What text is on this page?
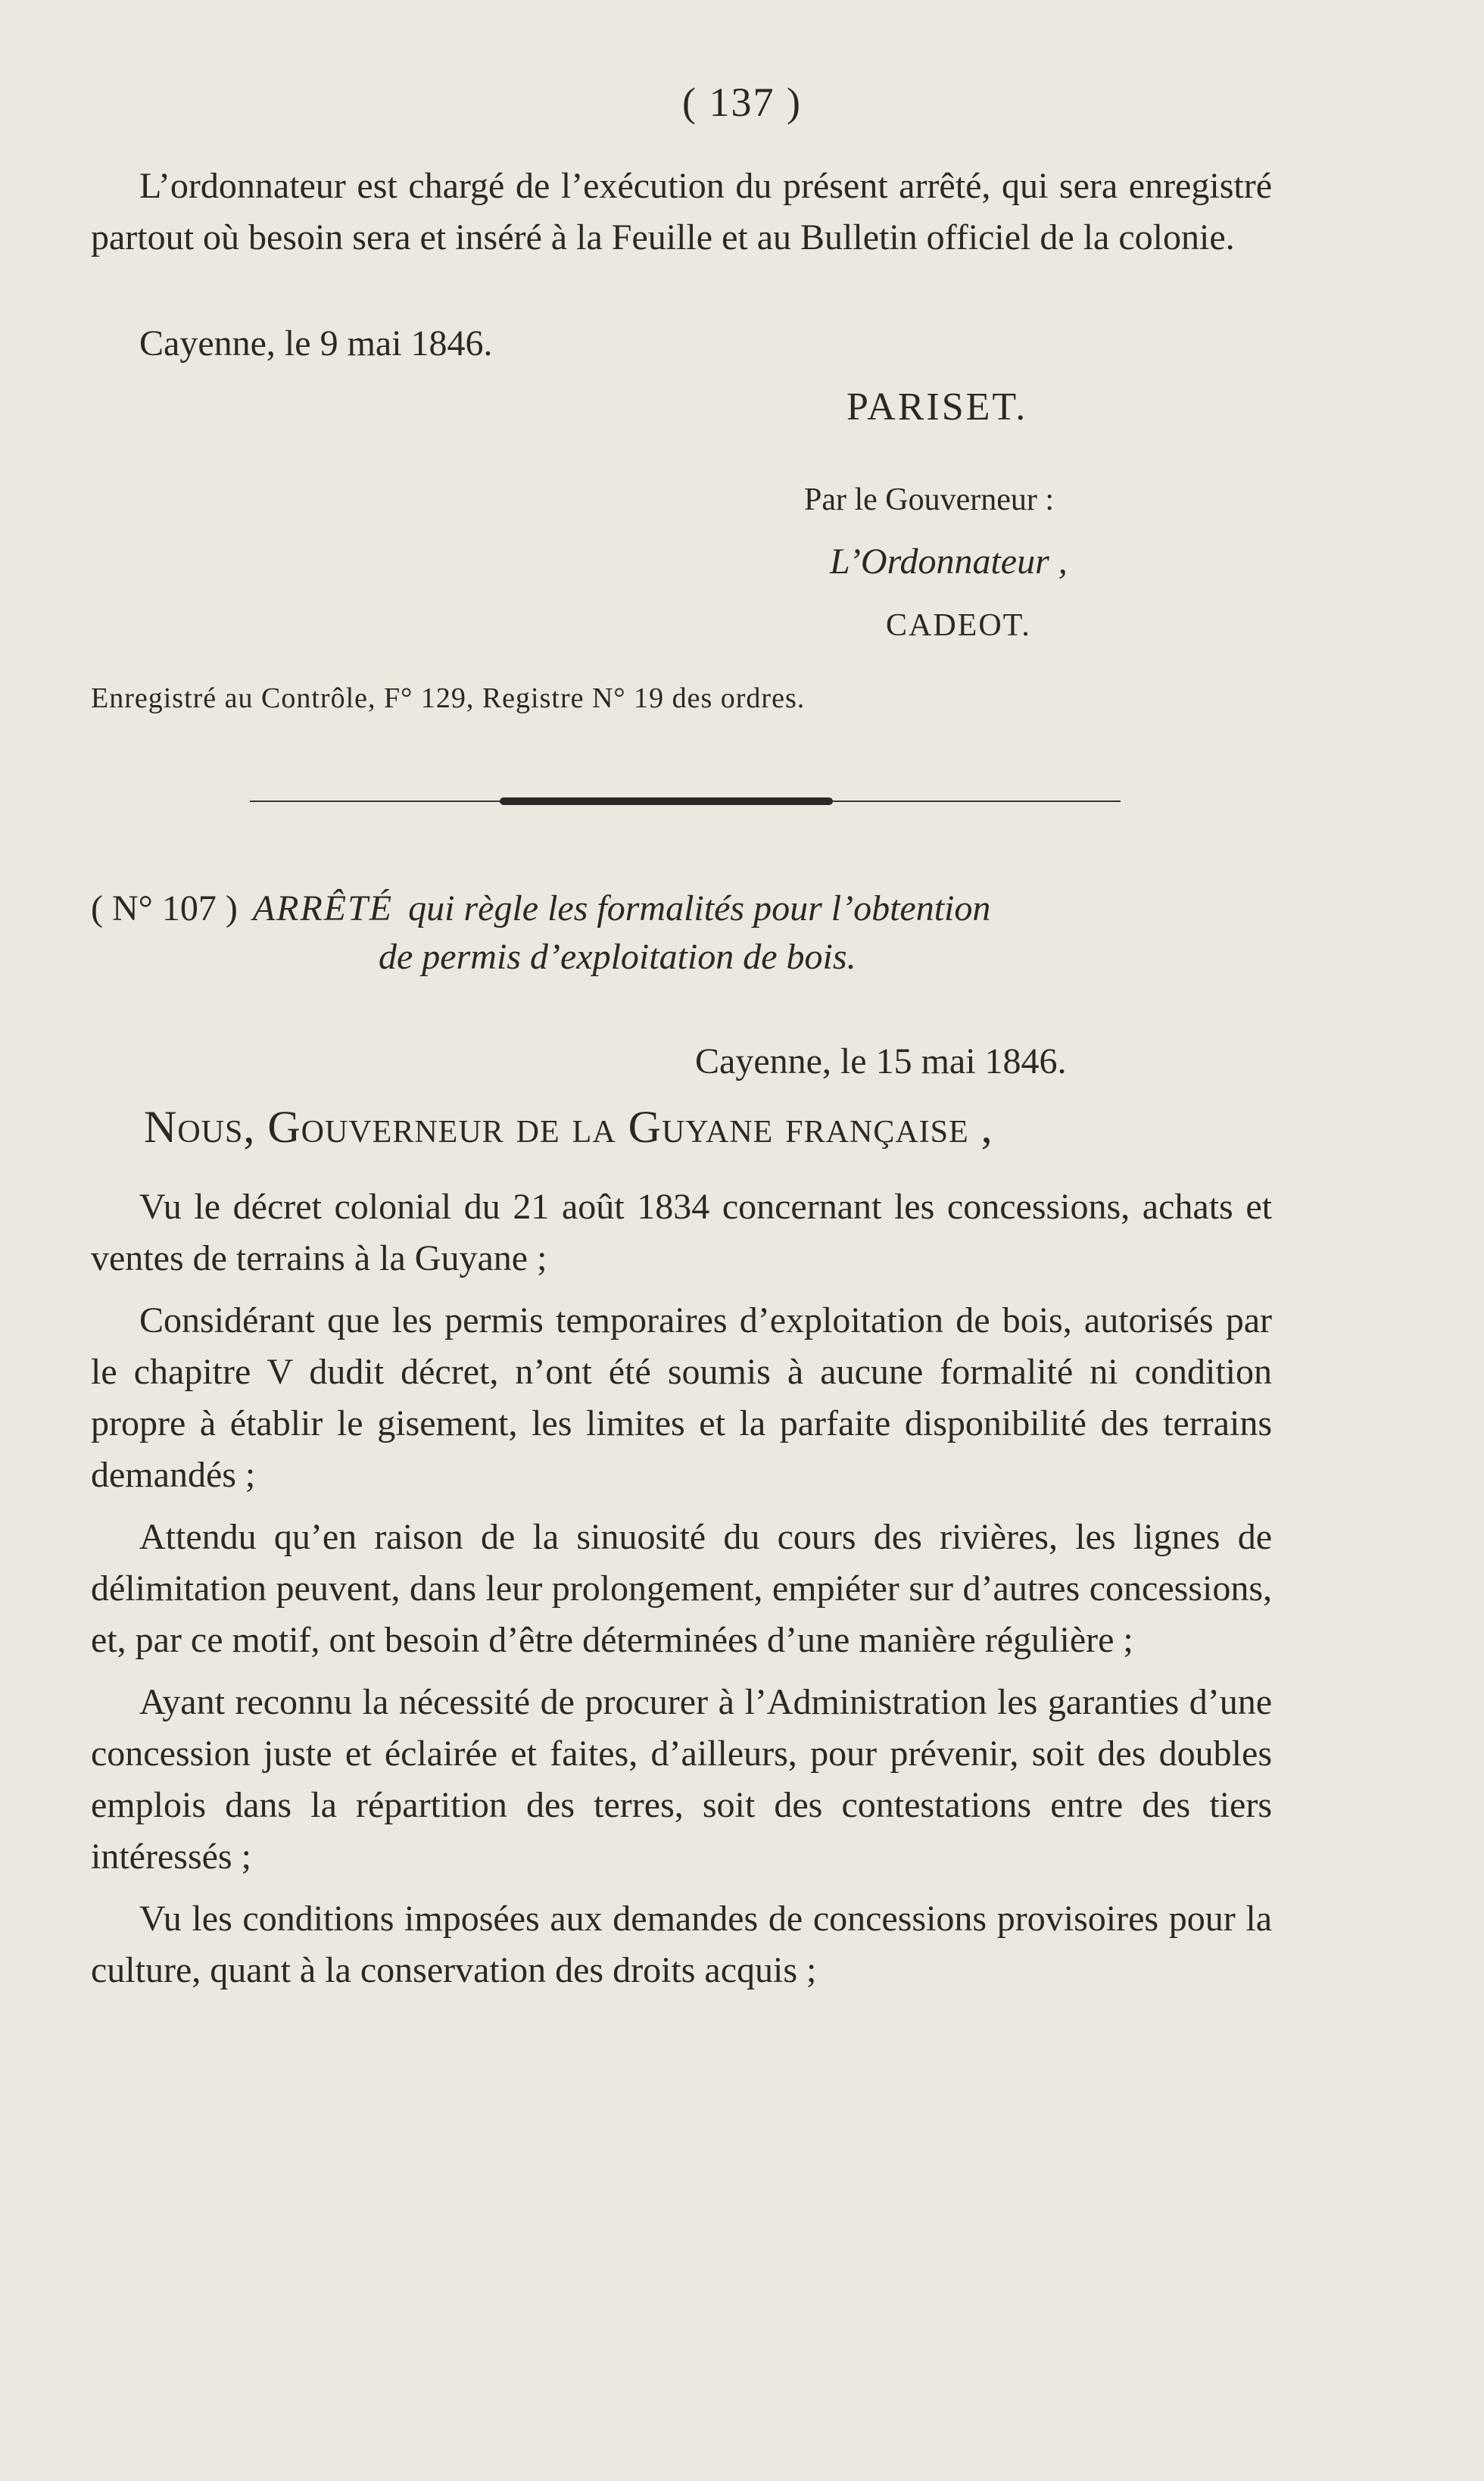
( 137 )
L’ordonnateur est chargé de l’exécution du présent arrêté, qui sera enregistré partout où besoin sera et inséré à la Feuille et au Bulletin officiel de la colonie.
Cayenne, le 9 mai 1846.
PARISET.
Par le Gouverneur :
L’Ordonnateur ,
CADEOT.
Enregistré au Contrôle, F° 129, Registre N° 19 des ordres.
( N° 107 ) ARRÊTÉ qui règle les formalités pour l’obtention
de permis d’exploitation de bois.
Cayenne, le 15 mai 1846.
Nous, Gouverneur de la Guyane française ,

Vu le décret colonial du 21 août 1834 concernant les concessions, achats et ventes de terrains à la Guyane ;

Considérant que les permis temporaires d’exploitation de bois, autorisés par le chapitre V dudit décret, n’ont été soumis à aucune formalité ni condition propre à établir le gisement, les limites et la parfaite disponibilité des terrains demandés ;

Attendu qu’en raison de la sinuosité du cours des rivières, les lignes de délimitation peuvent, dans leur prolongement, empiéter sur d’autres concessions, et, par ce motif, ont besoin d’être déterminées d’une manière régulière ;

Ayant reconnu la nécessité de procurer à l’Administration les garanties d’une concession juste et éclairée et faites, d’ailleurs, pour prévenir, soit des doubles emplois dans la répartition des terres, soit des contestations entre des tiers intéressés ;

Vu les conditions imposées aux demandes de concessions provisoires pour la culture, quant à la conservation des droits acquis ;
